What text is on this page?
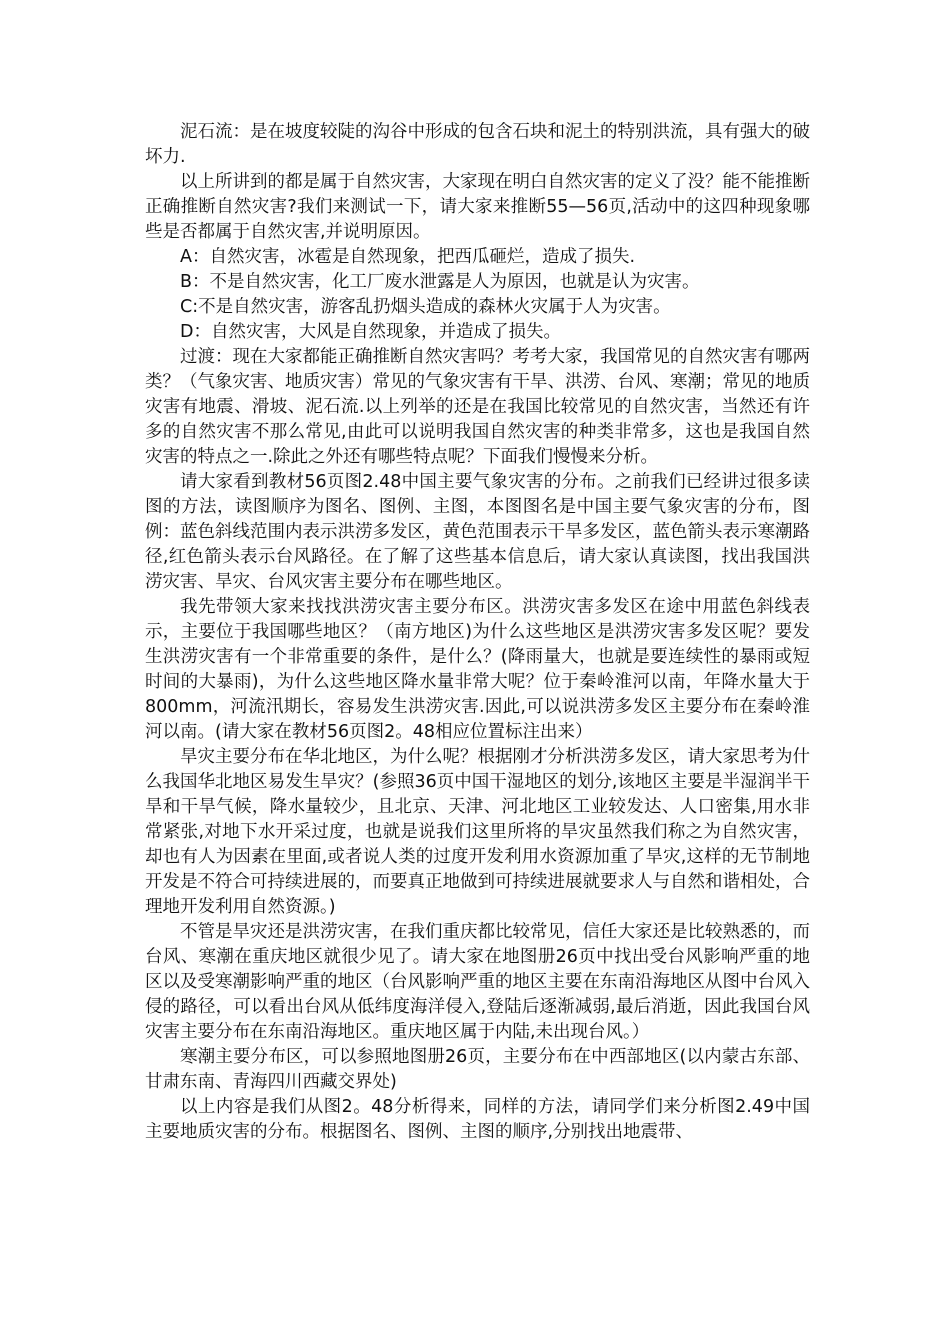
泥石流：是在坡度较陡的沟谷中形成的包含石块和泥土的特别洪流，具有强大的破坏力.

以上所讲到的都是属于自然灾害，大家现在明白自然灾害的定义了没？能不能推断正确推断自然灾害?我们来测试一下，请大家来推断55—56页,活动中的这四种现象哪些是否都属于自然灾害,并说明原因。

A：自然灾害，冰雹是自然现象，把西瓜砸烂，造成了损失.

B：不是自然灾害，化工厂废水泄露是人为原因，也就是认为灾害。

C:不是自然灾害，游客乱扔烟头造成的森林火灾属于人为灾害。

D：自然灾害，大风是自然现象，并造成了损失。

过渡：现在大家都能正确推断自然灾害吗？考考大家，我国常见的自然灾害有哪两类？（气象灾害、地质灾害）常见的气象灾害有干旱、洪涝、台风、寒潮；常见的地质灾害有地震、滑坡、泥石流.以上列举的还是在我国比较常见的自然灾害，当然还有许多的自然灾害不那么常见,由此可以说明我国自然灾害的种类非常多，这也是我国自然灾害的特点之一.除此之外还有哪些特点呢？下面我们慢慢来分析。

请大家看到教材56页图2.48中国主要气象灾害的分布。之前我们已经讲过很多读图的方法，读图顺序为图名、图例、主图，本图图名是中国主要气象灾害的分布，图例：蓝色斜线范围内表示洪涝多发区，黄色范围表示干旱多发区，蓝色箭头表示寒潮路径,红色箭头表示台风路径。在了解了这些基本信息后，请大家认真读图，找出我国洪涝灾害、旱灾、台风灾害主要分布在哪些地区。

我先带领大家来找找洪涝灾害主要分布区。洪涝灾害多发区在途中用蓝色斜线表示，主要位于我国哪些地区？（南方地区)为什么这些地区是洪涝灾害多发区呢？要发生洪涝灾害有一个非常重要的条件，是什么？(降雨量大，也就是要连续性的暴雨或短时间的大暴雨)，为什么这些地区降水量非常大呢？位于秦岭淮河以南，年降水量大于800mm，河流汛期长，容易发生洪涝灾害.因此,可以说洪涝多发区主要分布在秦岭淮河以南。(请大家在教材56页图2。48相应位置标注出来）

旱灾主要分布在华北地区，为什么呢？根据刚才分析洪涝多发区，请大家思考为什么我国华北地区易发生旱灾？(参照36页中国干湿地区的划分,该地区主要是半湿润半干旱和干旱气候，降水量较少，且北京、天津、河北地区工业较发达、人口密集,用水非常紧张,对地下水开采过度，也就是说我们这里所将的旱灾虽然我们称之为自然灾害，却也有人为因素在里面,或者说人类的过度开发利用水资源加重了旱灾,这样的无节制地开发是不符合可持续进展的，而要真正地做到可持续进展就要求人与自然和谐相处，合理地开发利用自然资源。)

不管是旱灾还是洪涝灾害，在我们重庆都比较常见，信任大家还是比较熟悉的，而台风、寒潮在重庆地区就很少见了。请大家在地图册26页中找出受台风影响严重的地区以及受寒潮影响严重的地区（台风影响严重的地区主要在东南沿海地区从图中台风入侵的路径，可以看出台风从低纬度海洋侵入,登陆后逐渐减弱,最后消逝，因此我国台风灾害主要分布在东南沿海地区。重庆地区属于内陆,未出现台风。）

寒潮主要分布区，可以参照地图册26页，主要分布在中西部地区(以内蒙古东部、甘肃东南、青海四川西藏交界处)

以上内容是我们从图2。48分析得来，同样的方法，请同学们来分析图2.49中国主要地质灾害的分布。根据图名、图例、主图的顺序,分别找出地震带、
